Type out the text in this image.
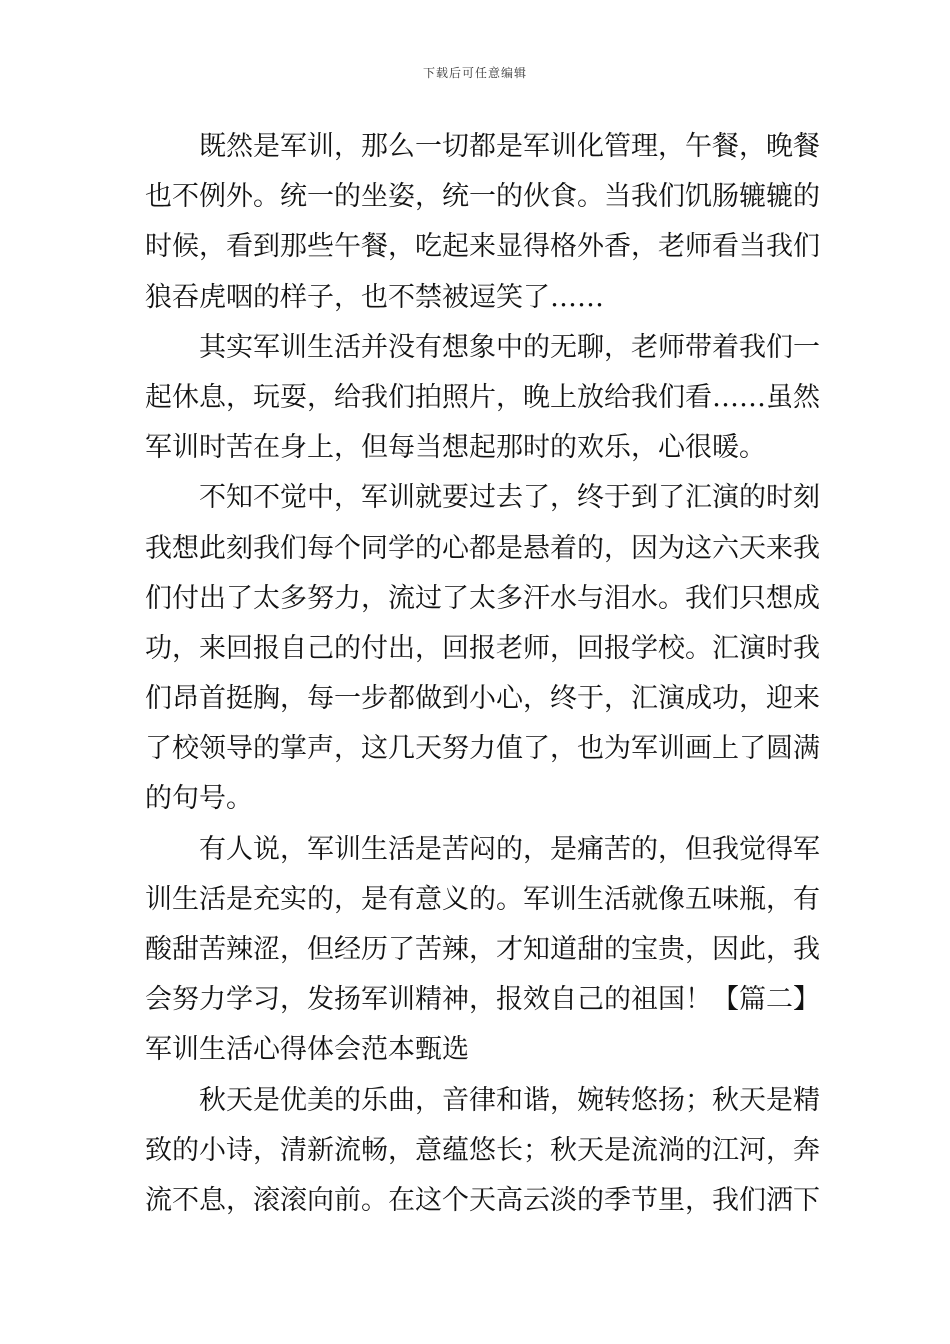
下载后可任意编辑
既然是军训，那么一切都是军训化管理，午餐，晚餐
也不例外。统一的坐姿，统一的伙食。当我们饥肠辘辘的
时候，看到那些午餐，吃起来显得格外香，老师看当我们
狼吞虎咽的样子，也不禁被逗笑了……
其实军训生活并没有想象中的无聊，老师带着我们一
起休息，玩耍，给我们拍照片，晚上放给我们看……虽然
军训时苦在身上，但每当想起那时的欢乐，心很暖。
不知不觉中，军训就要过去了，终于到了汇演的时刻
我想此刻我们每个同学的心都是悬着的，因为这六天来我
们付出了太多努力，流过了太多汗水与泪水。我们只想成
功，来回报自己的付出，回报老师，回报学校。汇演时我
们昂首挺胸，每一步都做到小心，终于，汇演成功，迎来
了校领导的掌声，这几天努力值了，也为军训画上了圆满
的句号。
有人说，军训生活是苦闷的，是痛苦的，但我觉得军
训生活是充实的，是有意义的。军训生活就像五味瓶，有
酸甜苦辣涩，但经历了苦辣，才知道甜的宝贵，因此，我
会努力学习，发扬军训精神，报效自己的祖国！【篇二】
军训生活心得体会范本甄选
秋天是优美的乐曲，音律和谐，婉转悠扬；秋天是精
致的小诗，清新流畅，意蕴悠长；秋天是流淌的江河，奔
流不息，滚滚向前。在这个天高云淡的季节里，我们洒下
